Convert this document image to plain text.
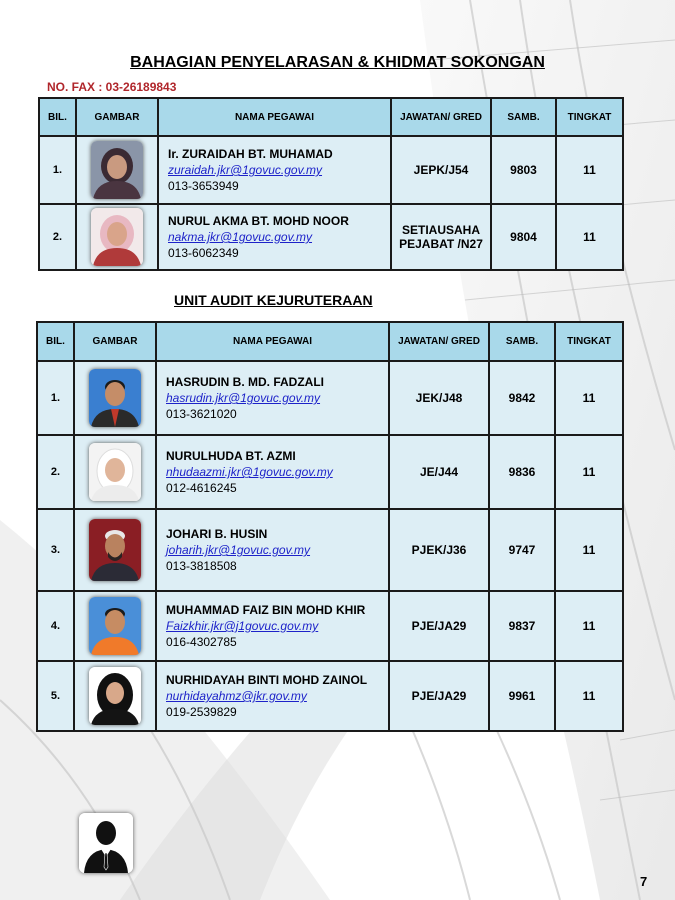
BAHAGIAN PENYELARASAN & KHIDMAT SOKONGAN
NO. FAX : 03-26189843
BIL.	GAMBAR	NAMA PEGAWAI	JAWATAN/ GRED	SAMB.	TINGKAT
1.		Ir. ZURAIDAH BT. MUHAMAD
zuraidah.jkr@1govuc.gov.my
013-3653949	JEPK/J54	9803	11
2.		NURUL AKMA BT. MOHD NOOR
nakma.jkr@1govuc.gov.my
013-6062349	SETIAUSAHA PEJABAT /N27	9804	11
UNIT AUDIT KEJURUTERAAN
BIL.	GAMBAR	NAMA PEGAWAI	JAWATAN/ GRED	SAMB.	TINGKAT
1.		HASRUDIN B. MD. FADZALI
hasrudin.jkr@1govuc.gov.my
013-3621020	JEK/J48	9842	11
2.		NURULHUDA BT. AZMI
nhudaazmi.jkr@1govuc.gov.my
012-4616245	JE/J44	9836	11
3.		JOHARI B. HUSIN
joharih.jkr@1govuc.gov.my
013-3818508	PJEK/J36	9747	11
4.		MUHAMMAD FAIZ BIN MOHD KHIR
Faizkhir.jkr@j1govuc.gov.my
016-4302785	PJE/JA29	9837	11
5.		NURHIDAYAH BINTI MOHD ZAINOL
nurhidayahmz@jkr.gov.my
019-2539829	PJE/JA29	9961	11
7
